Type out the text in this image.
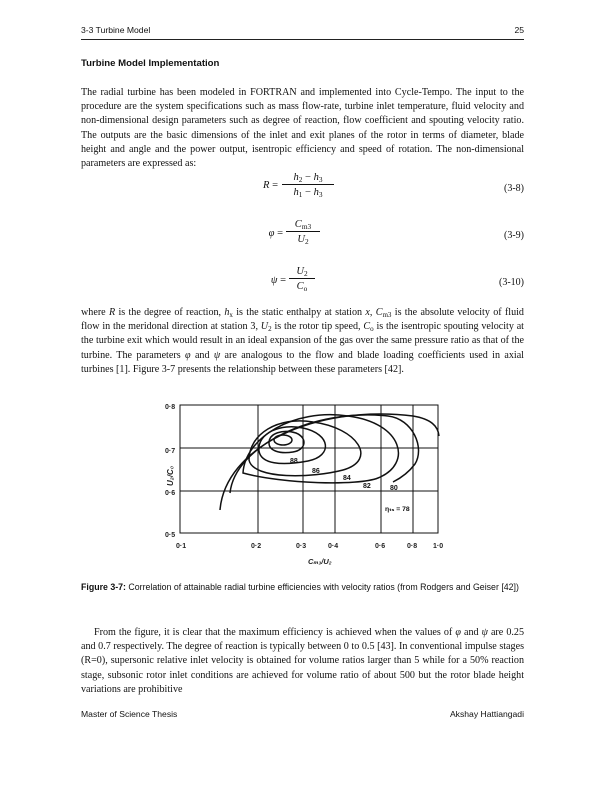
3-3 Turbine Model	25
Turbine Model Implementation

The radial turbine has been modeled in FORTRAN and implemented into Cycle-Tempo. The input to the procedure are the system specifications such as mass flow-rate, turbine inlet temperature, fluid velocity and non-dimensional design parameters such as degree of reaction, flow coefficient and spouting velocity ratio. The outputs are the basic dimensions of the inlet and exit planes of the rotor in terms of diameter, blade height and angle and the power output, isentropic efficiency and speed of rotation. The non-dimensional parameters are expressed as:

$R = \frac{h_2 - h_3}{h_1 - h_3}$	(3-8)
$\varphi = \frac{C_{m3}}{U_2}$	(3-9)
$\psi = \frac{U_2}{C_o}$	(3-10)

where R is the degree of reaction, $h_x$ is the static enthalpy at station x, $C_{m3}$ is the absolute velocity of fluid flow in the meridonal direction at station 3, $U_2$ is the rotor tip speed, $C_o$ is the isentropic spouting velocity at the turbine exit which would result in an ideal expansion of the gas over the same pressure ratio as that of the turbine. The parameters φ and ψ are analogous to the flow and blade loading coefficients used in axial turbines [1]. Figure 3-7 presents the relationship between these parameters [42].

0·8
0·7
0·6
0·5
0·1	0·2	0·3	0·4	0·6	0·8 1·0
U₂/C₀
Cₘ₃/U₂
88
86
84
82	80
ηₜₛ = 78
Figure 3-7: Correlation of attainable radial turbine efficiencies with velocity ratios (from Rodgers and Geiser [42])

From the figure, it is clear that the maximum efficiency is achieved when the values of φ and ψ are 0.25 and 0.7 respectively. The degree of reaction is typically between 0 to 0.5 [43]. In conventional impulse stages (R=0), supersonic relative inlet velocity is obtained for volume ratios larger than 5 while for a 50% reaction stage, subsonic rotor inlet conditions are achieved for volume ratio of about 500 but the rotor blade height variations are prohibitive

Master of Science Thesis	Akshay Hattiangadi
